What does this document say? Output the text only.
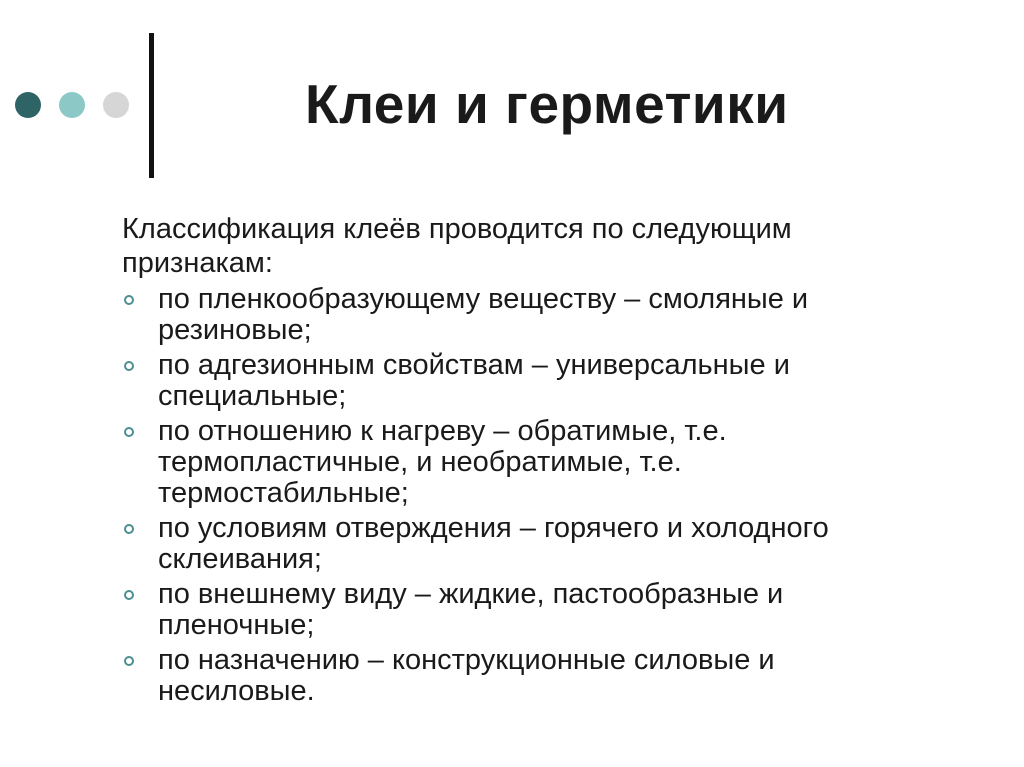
Клеи и герметики

Классификация клеёв проводится по следующим признакам:

по пленкообразующему веществу – смоляные и резиновые;
по адгезионным свойствам – универсальные и специальные;
по отношению к нагреву – обратимые, т.е. термопластичные, и необратимые, т.е. термостабильные;
по условиям отверждения – горячего и холодного склеивания;
по внешнему виду – жидкие, пастообразные и пленочные;
по назначению – конструкционные силовые и несиловые.
